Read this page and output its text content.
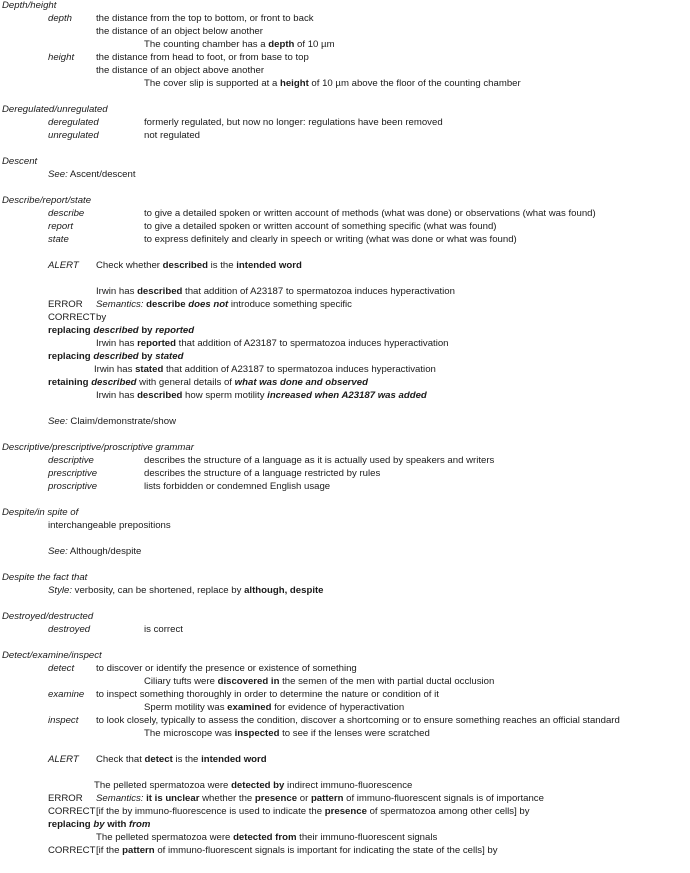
Depth/height
depth the distance from the top to bottom, or front to back
the distance of an object below another
The counting chamber has a depth of 10 µm
height the distance from head to foot, or from base to top
the distance of an object above another
The cover slip is supported at a height of 10 µm above the floor of the counting chamber
Deregulated/unregulated
deregulated	formerly regulated, but now no longer: regulations have been removed
unregulated	not regulated
Descent
See: Ascent/descent
Describe/report/state
describe	to give a detailed spoken or written account of methods (what was done) or observations (what was found)
report	to give a detailed spoken or written account of something specific (what was found)
state	to express definitely and clearly in speech or writing (what was done or what was found)
ALERT Check whether described is the intended word
Irwin has described that addition of A23187 to spermatozoa induces hyperactivation
ERROR Semantics: describe does not introduce something specific
CORRECT by
replacing described by reported
Irwin has reported that addition of A23187 to spermatozoa induces hyperactivation
replacing described by stated
Irwin has stated that addition of A23187 to spermatozoa induces hyperactivation
retaining described with general details of what was done and observed
Irwin has described how sperm motility increased when A23187 was added
See: Claim/demonstrate/show
Descriptive/prescriptive/proscriptive grammar
descriptive	describes the structure of a language as it is actually used by speakers and writers
prescriptive	describes the structure of a language restricted by rules
proscriptive	lists forbidden or condemned English usage
Despite/in spite of
interchangeable prepositions
See: Although/despite
Despite the fact that
Style: verbosity, can be shortened, replace by although, despite
Destroyed/destructed
destroyed	is correct
Detect/examine/inspect
detect to discover or identify the presence or existence of something
Ciliary tufts were discovered in the semen of the men with partial ductal occlusion
examine to inspect something thoroughly in order to determine the nature or condition of it
Sperm motility was examined for evidence of hyperactivation
inspect to look closely, typically to assess the condition, discover a shortcoming or to ensure something reaches an official standard
The microscope was inspected to see if the lenses were scratched
ALERT Check that detect is the intended word
The pelleted spermatozoa were detected by indirect immuno-fluorescence
ERROR Semantics: it is unclear whether the presence or pattern of immuno-fluorescent signals is of importance
CORRECT [if the by immuno-fluorescence is used to indicate the presence of spermatozoa among other cells] by
replacing by with from
The pelleted spermatozoa were detected from their immuno-fluorescent signals
CORRECT [if the pattern of immuno-fluorescent signals is important for indicating the state of the cells] by
